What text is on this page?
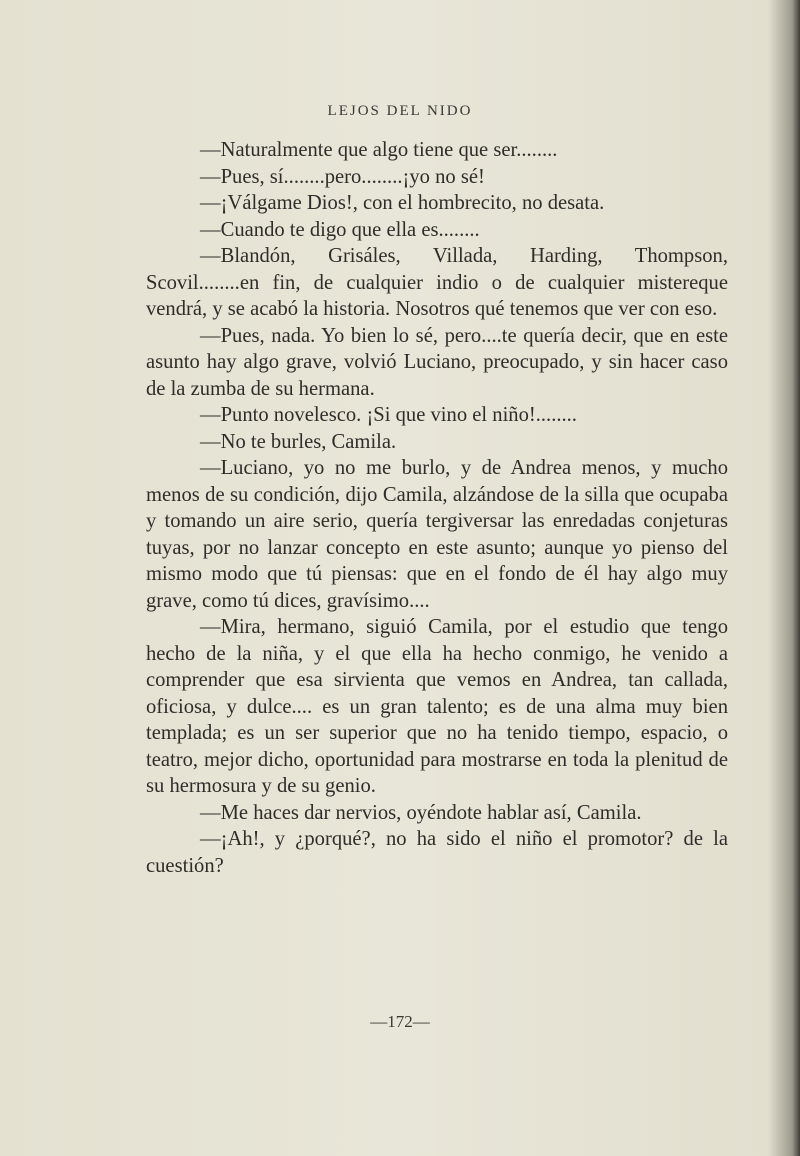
LEJOS DEL NIDO

—Naturalmente que algo tiene que ser........

—Pues, sí........pero........¡yo no sé!

—¡Válgame Dios!, con el hombrecito, no desata.

—Cuando te digo que ella es........

—Blandón, Grisáles, Villada, Harding, Thompson, Scovil........en fin, de cualquier indio o de cualquier mistereque vendrá, y se acabó la historia. Nosotros qué tenemos que ver con eso.

—Pues, nada. Yo bien lo sé, pero....te quería decir, que en este asunto hay algo grave, volvió Luciano, preocupado, y sin hacer caso de la zumba de su hermana.

—Punto novelesco. ¡Si que vino el niño!........

—No te burles, Camila.

—Luciano, yo no me burlo, y de Andrea menos, y mucho menos de su condición, dijo Camila, alzándose de la silla que ocupaba y tomando un aire serio, quería tergiversar las enredadas conjeturas tuyas, por no lanzar concepto en este asunto; aunque yo pienso del mismo modo que tú piensas: que en el fondo de él hay algo muy grave, como tú dices, gravísimo....

—Mira, hermano, siguió Camila, por el estudio que tengo hecho de la niña, y el que ella ha hecho conmigo, he venido a comprender que esa sirvienta que vemos en Andrea, tan callada, oficiosa, y dulce.... es un gran talento; es de una alma muy bien templada; es un ser superior que no ha tenido tiempo, espacio, o teatro, mejor dicho, oportunidad para mostrarse en toda la plenitud de su hermosura y de su genio.

—Me haces dar nervios, oyéndote hablar así, Camila.

—¡Ah!, y ¿porqué?, no ha sido el niño el promotor? de la cuestión?

—172—
